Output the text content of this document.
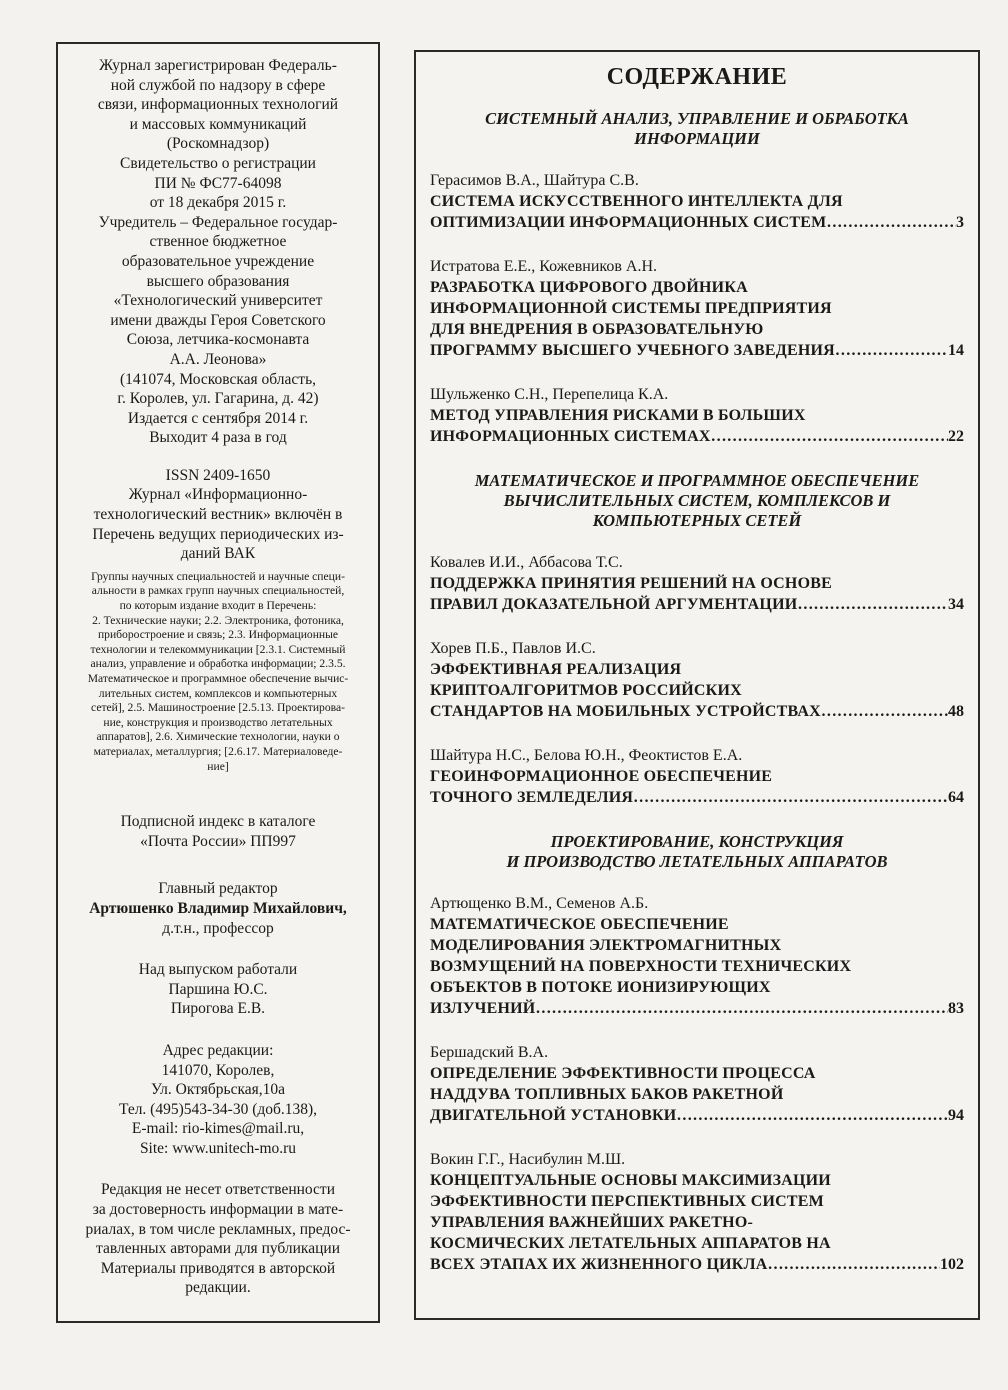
Журнал зарегистрирован Федераль-
ной службой по надзору в сфере
связи, информационных технологий
и массовых коммуникаций
(Роскомнадзор)
Свидетельство о регистрации
ПИ № ФС77-64098
от 18 декабря 2015 г.
Учредитель – Федеральное государ-
ственное бюджетное
образовательное учреждение
высшего образования
«Технологический университет
имени дважды Героя Советского
Союза, летчика-космонавта
А.А. Леонова»
(141074, Московская область,
г. Королев, ул. Гагарина, д. 42)
Издается с сентября 2014 г.
Выходит 4 раза в год
ISSN 2409-1650
Журнал «Информационно-
технологический вестник» включён в
Перечень ведущих периодических из-
даний ВАК
Группы научных специальностей и научные специ-
альности в рамках групп научных специальностей,
по которым издание входит в Перечень:
2. Технические науки; 2.2. Электроника, фотоника,
приборостроение и связь; 2.3. Информационные
технологии и телекоммуникации [2.3.1. Системный
анализ, управление и обработка информации; 2.3.5.
Математическое и программное обеспечение вычис-
лительных систем, комплексов и компьютерных
сетей], 2.5. Машиностроение [2.5.13. Проектирова-
ние, конструкция и производство летательных
аппаратов], 2.6. Химические технологии, науки о
материалах, металлургия; [2.6.17. Материаловеде-
ние]
Подписной индекс в каталоге
«Почта России» ПП997
Главный редактор
Артюшенко Владимир Михайлович,
д.т.н., профессор
Над выпуском работали
Паршина Ю.С.
Пирогова Е.В.
Адрес редакции:
141070, Королев,
Ул. Октябрьская,10а
Тел. (495)543-34-30 (доб.138),
E-mail: rio-kimes@mail.ru,
Site: www.unitech-mo.ru
Редакция не несет ответственности
за достоверность информации в мате-
риалах, в том числе рекламных, предос-
тавленных авторами для публикации
Материалы приводятся в авторской
редакции.
СОДЕРЖАНИЕ
СИСТЕМНЫЙ АНАЛИЗ, УПРАВЛЕНИЕ И ОБРАБОТКА
ИНФОРМАЦИИ
Герасимов В.А., Шайтура С.В.
СИСТЕМА ИСКУССТВЕННОГО ИНТЕЛЛЕКТА ДЛЯ
ОПТИМИЗАЦИИ ИНФОРМАЦИОННЫХ СИСТЕМ ……………………………………………………………………………………………………………………	3
Истратова Е.Е., Кожевников А.Н.
РАЗРАБОТКА ЦИФРОВОГО ДВОЙНИКА
ИНФОРМАЦИОННОЙ СИСТЕМЫ ПРЕДПРИЯТИЯ
ДЛЯ ВНЕДРЕНИЯ В ОБРАЗОВАТЕЛЬНУЮ
ПРОГРАММУ ВЫСШЕГО УЧЕБНОГО ЗАВЕДЕНИЯ ……………………………………………………………………………………………………………………	14
Шульженко С.Н., Перепелица К.А.
МЕТОД УПРАВЛЕНИЯ РИСКАМИ В БОЛЬШИХ
ИНФОРМАЦИОННЫХ СИСТЕМАХ ……………………………………………………………………………………………………………………	22
МАТЕМАТИЧЕСКОЕ И ПРОГРАММНОЕ ОБЕСПЕЧЕНИЕ
ВЫЧИСЛИТЕЛЬНЫХ СИСТЕМ, КОМПЛЕКСОВ И
КОМПЬЮТЕРНЫХ СЕТЕЙ
Ковалев И.И., Аббасова Т.С.
ПОДДЕРЖКА ПРИНЯТИЯ РЕШЕНИЙ НА ОСНОВЕ
ПРАВИЛ ДОКАЗАТЕЛЬНОЙ АРГУМЕНТАЦИИ ……………………………………………………………………………………………………………………	34
Хорев П.Б., Павлов И.С.
ЭФФЕКТИВНАЯ РЕАЛИЗАЦИЯ
КРИПТОАЛГОРИТМОВ РОССИЙСКИХ
СТАНДАРТОВ НА МОБИЛЬНЫХ УСТРОЙСТВАХ ……………………………………………………………………………………………………………………	48
Шайтура Н.С., Белова Ю.Н., Феоктистов Е.А.
ГЕОИНФОРМАЦИОННОЕ ОБЕСПЕЧЕНИЕ
ТОЧНОГО ЗЕМЛЕДЕЛИЯ ……………………………………………………………………………………………………………………	64
ПРОЕКТИРОВАНИЕ, КОНСТРУКЦИЯ
И ПРОИЗВОДСТВО ЛЕТАТЕЛЬНЫХ АППАРАТОВ
Артющенко В.М., Семенов А.Б.
МАТЕМАТИЧЕСКОЕ ОБЕСПЕЧЕНИЕ
МОДЕЛИРОВАНИЯ ЭЛЕКТРОМАГНИТНЫХ
ВОЗМУЩЕНИЙ НА ПОВЕРХНОСТИ ТЕХНИЧЕСКИХ
ОБЪЕКТОВ В ПОТОКЕ ИОНИЗИРУЮЩИХ
ИЗЛУЧЕНИЙ ……………………………………………………………………………………………………………………	83
Бершадский В.А.
ОПРЕДЕЛЕНИЕ ЭФФЕКТИВНОСТИ ПРОЦЕССА
НАДДУВА ТОПЛИВНЫХ БАКОВ РАКЕТНОЙ
ДВИГАТЕЛЬНОЙ УСТАНОВКИ ……………………………………………………………………………………………………………………	94
Вокин Г.Г., Насибулин М.Ш.
КОНЦЕПТУАЛЬНЫЕ ОСНОВЫ МАКСИМИЗАЦИИ
ЭФФЕКТИВНОСТИ ПЕРСПЕКТИВНЫХ СИСТЕМ
УПРАВЛЕНИЯ ВАЖНЕЙШИХ РАКЕТНО-
КОСМИЧЕСКИХ ЛЕТАТЕЛЬНЫХ АППАРАТОВ НА
ВСЕХ ЭТАПАХ ИХ ЖИЗНЕННОГО ЦИКЛА ……………………………………………………………………………………………………………………	102
